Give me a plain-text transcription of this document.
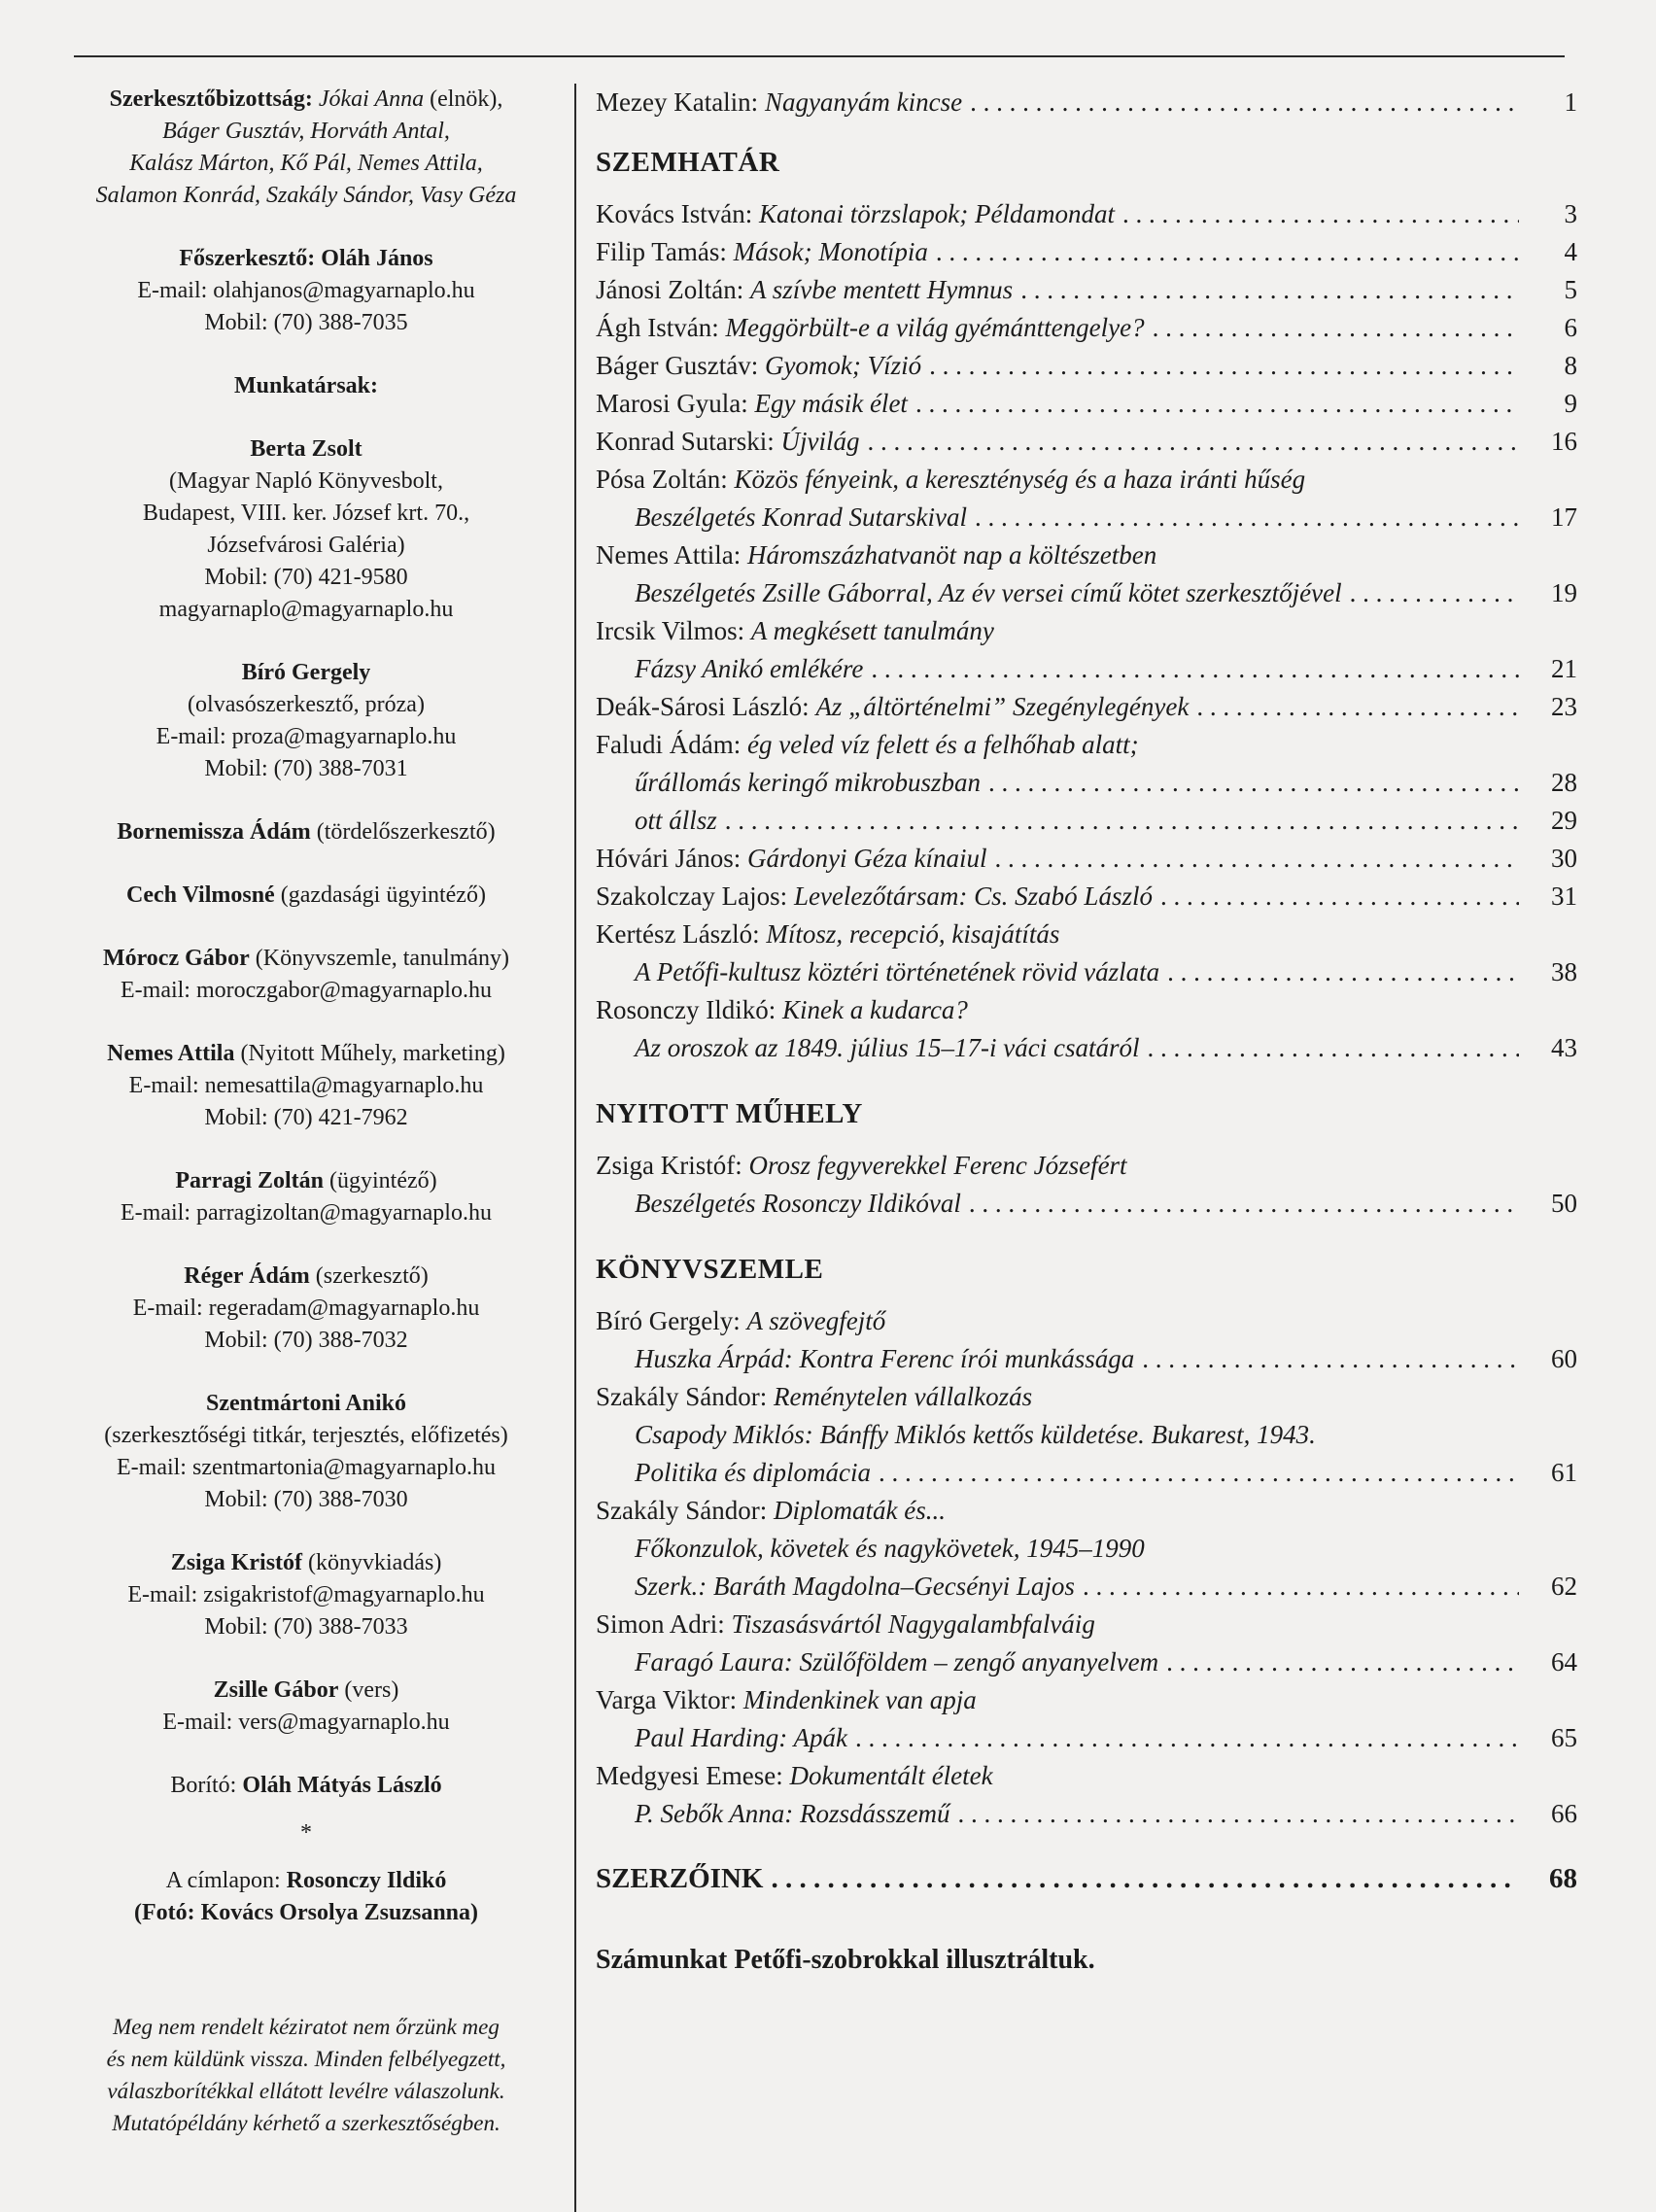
Szerkesztőbizottság: Jókai Anna (elnök),

Báger Gusztáv, Horváth Antal,

Kalász Márton, Kő Pál, Nemes Attila,

Salamon Konrád, Szakály Sándor, Vasy Géza

Főszerkesztő: Oláh János

E-mail: olahjanos@magyarnaplo.hu

Mobil: (70) 388-7035

Munkatársak:

Berta Zsolt

(Magyar Napló Könyvesbolt,

Budapest, VIII. ker. József krt. 70.,

Józsefvárosi Galéria)

Mobil: (70) 421-9580

magyarnaplo@magyarnaplo.hu

Bíró Gergely

(olvasószerkesztő, próza)

E-mail: proza@magyarnaplo.hu

Mobil: (70) 388-7031

Bornemissza Ádám (tördelőszerkesztő)

Cech Vilmosné (gazdasági ügyintéző)

Mórocz Gábor (Könyvszemle, tanulmány)

E-mail: moroczgabor@magyarnaplo.hu

Nemes Attila (Nyitott Műhely, marketing)

E-mail: nemesattila@magyarnaplo.hu

Mobil: (70) 421-7962

Parragi Zoltán (ügyintéző)

E-mail: parragizoltan@magyarnaplo.hu

Réger Ádám (szerkesztő)

E-mail: regeradam@magyarnaplo.hu

Mobil: (70) 388-7032

Szentmártoni Anikó

(szerkesztőségi titkár, terjesztés, előfizetés)

E-mail: szentmartonia@magyarnaplo.hu

Mobil: (70) 388-7030

Zsiga Kristóf (könyvkiadás)

E-mail: zsigakristof@magyarnaplo.hu

Mobil: (70) 388-7033

Zsille Gábor (vers)

E-mail: vers@magyarnaplo.hu

Borító: Oláh Mátyás László

*

A címlapon: Rosonczy Ildikó

(Fotó: Kovács Orsolya Zsuzsanna)

Meg nem rendelt kéziratot nem őrzünk meg

és nem küldünk vissza. Minden felbélyegzett,

válaszborítékkal ellátott levélre válaszolunk.

Mutatópéldány kérhető a szerkesztőségben.

Mezey Katalin: Nagyanyám kincse . . .	1
SZEMHATÁR
Kovács István: Katonai törzslapok; Példamondat . . .	3
Filip Tamás: Mások; Monotípia . . .	4
Jánosi Zoltán: A szívbe mentett Hymnus . . .	5
Ágh István: Meggörbült-e a világ gyémánttengelye? . . .	6
Báger Gusztáv: Gyomok; Vízió . . .	8
Marosi Gyula: Egy másik élet . . .	9
Konrad Sutarski: Újvilág . . .	16
Pósa Zoltán: Közös fényeink, a kereszténység és a haza iránti hűség
Beszélgetés Konrad Sutarskival . . .	17
Nemes Attila: Háromszázhatvanöt nap a költészetben
Beszélgetés Zsille Gáborral, Az év versei című kötet szerkesztőjével . . .	19
Ircsik Vilmos: A megkésett tanulmány
Fázsy Anikó emlékére . . .	21
Deák-Sárosi László: Az „áltörténelmi” Szegénylegények . . .	23
Faludi Ádám: ég veled víz felett és a felhőhab alatt;
űrállomás keringő mikrobuszban . . .	28
ott állsz . . .	29
Hóvári János: Gárdonyi Géza kínaiul . . .	30
Szakolczay Lajos: Levelezőtársam: Cs. Szabó László . . .	31
Kertész László: Mítosz, recepció, kisajátítás
A Petőfi-kultusz köztéri történetének rövid vázlata . . .	38
Rosonczy Ildikó: Kinek a kudarca?
Az oroszok az 1849. július 15–17-i váci csatáról . . .	43
NYITOTT MŰHELY
Zsiga Kristóf: Orosz fegyverekkel Ferenc Józsefért
Beszélgetés Rosonczy Ildikóval . . .	50
KÖNYVSZEMLE
Bíró Gergely: A szövegfejtő
Huszka Árpád: Kontra Ferenc írói munkássága . . .	60
Szakály Sándor: Reménytelen vállalkozás
Csapody Miklós: Bánffy Miklós kettős küldetése. Bukarest, 1943.
Politika és diplomácia . . .	61
Szakály Sándor: Diplomaták és...
Főkonzulok, követek és nagykövetek, 1945–1990
Szerk.: Baráth Magdolna–Gecsényi Lajos . . .	62
Simon Adri: Tiszasásvártól Nagygalambfalváig
Faragó Laura: Szülőföldem – zengő anyanyelvem . . .	64
Varga Viktor: Mindenkinek van apja
Paul Harding: Apák . . .	65
Medgyesi Emese: Dokumentált életek
P. Sebők Anna: Rozsdásszemű . . .	66
SZERZŐINK . . .	68
Számunkat Petőfi-szobrokkal illusztráltuk.
